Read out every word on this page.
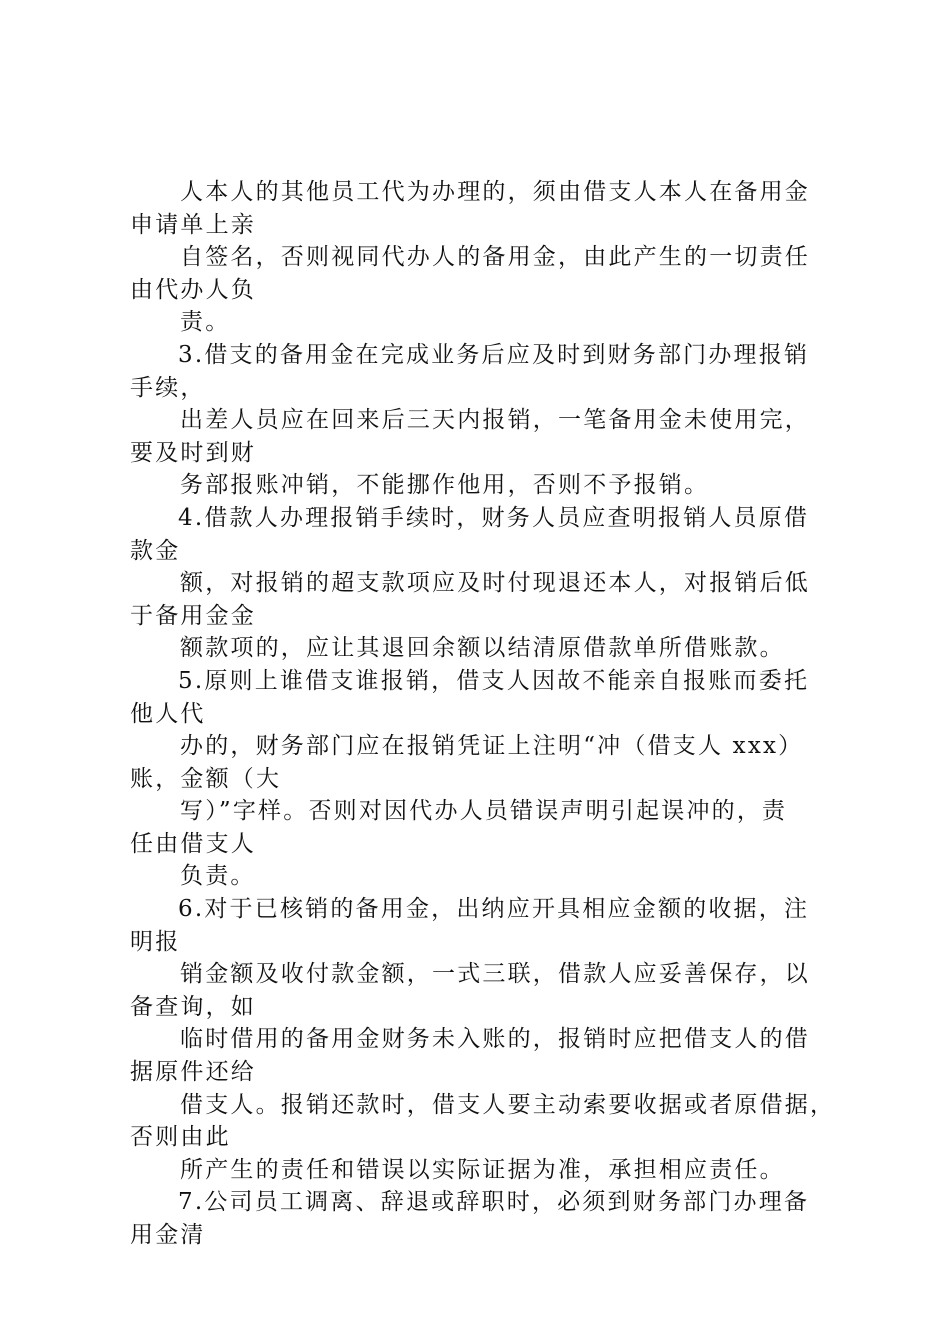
人本人的其他员工代为办理的，须由借支人本人在备用金
申请单上亲
自签名，否则视同代办人的备用金，由此产生的一切责任
由代办人负
责。
3.借支的备用金在完成业务后应及时到财务部门办理报销
手续，
出差人员应在回来后三天内报销，一笔备用金未使用完，
要及时到财
务部报账冲销，不能挪作他用，否则不予报销。
4.借款人办理报销手续时，财务人员应查明报销人员原借
款金
额，对报销的超支款项应及时付现退还本人，对报销后低
于备用金金
额款项的，应让其退回余额以结清原借款单所借账款。
5.原则上谁借支谁报销，借支人因故不能亲自报账而委托
他人代
办的，财务部门应在报销凭证上注明“冲（借支人 xxx）
账，金额（大
写）”字样。否则对因代办人员错误声明引起误冲的，责
任由借支人
负责。
6.对于已核销的备用金，出纳应开具相应金额的收据，注
明报
销金额及收付款金额，一式三联，借款人应妥善保存，以
备查询，如
临时借用的备用金财务未入账的，报销时应把借支人的借
据原件还给
借支人。报销还款时，借支人要主动索要收据或者原借据，
否则由此
所产生的责任和错误以实际证据为准，承担相应责任。
7.公司员工调离、辞退或辞职时，必须到财务部门办理备
用金清
